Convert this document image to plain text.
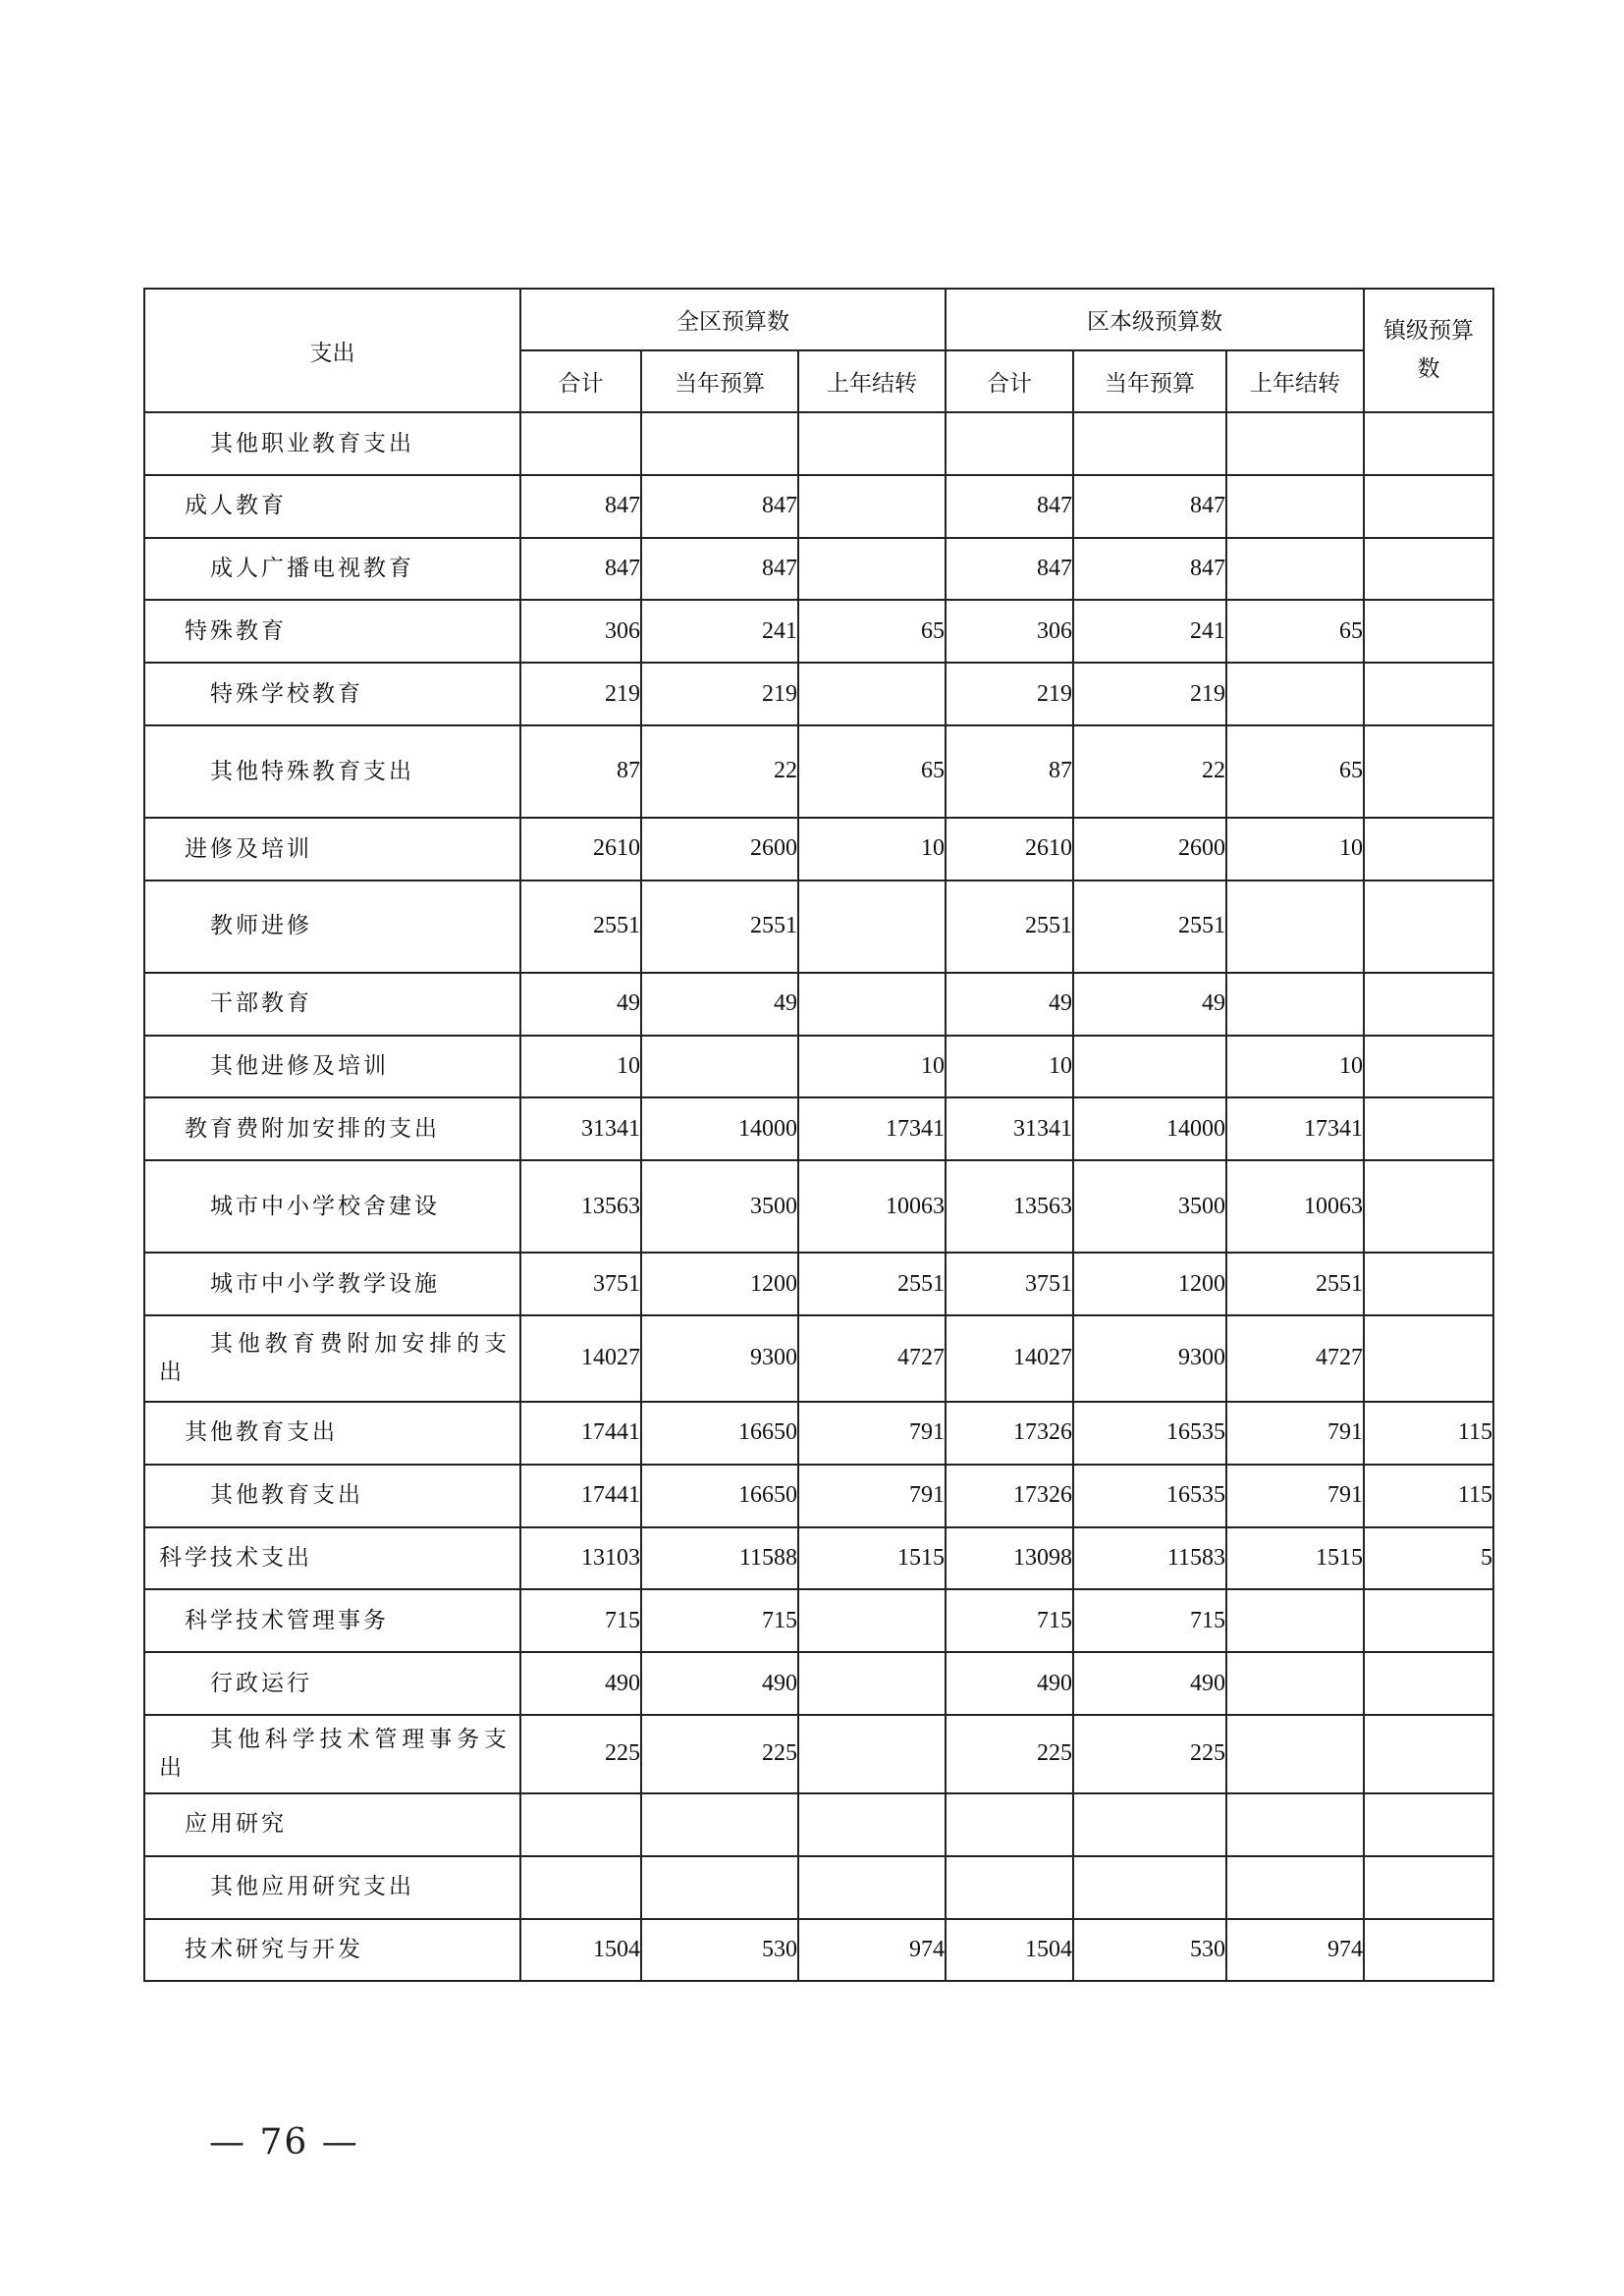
支出	全区预算数			区本级预算数			镇级预算数
	合计	当年预算	上年结转	合计	当年预算	上年结转	

其他职业教育支出							

成人教育	847	847		847	847		

成人广播电视教育	847	847		847	847		

特殊教育	306	241	65	306	241	65	

特殊学校教育	219	219		219	219		

其他特殊教育支出	87	22	65	87	22	65	

进修及培训	2610	2600	10	2610	2600	10	

教师进修	2551	2551		2551	2551		

干部教育	49	49		49	49		

其他进修及培训	10		10	10		10	

教育费附加安排的支出	31341	14000	17341	31341	14000	17341	

城市中小学校舍建设	13563	3500	10063	13563	3500	10063	

城市中小学教学设施	3751	1200	2551	3751	1200	2551	

其他教育费附加安排的支出	14027	9300	4727	14027	9300	4727	

其他教育支出	17441	16650	791	17326	16535	791	115

其他教育支出	17441	16650	791	17326	16535	791	115

科学技术支出	13103	11588	1515	13098	11583	1515	5

科学技术管理事务	715	715		715	715		

行政运行	490	490		490	490		

其他科学技术管理事务支出	225	225		225	225		

应用研究							

其他应用研究支出							

技术研究与开发	1504	530	974	1504	530	974	
— 76 —
